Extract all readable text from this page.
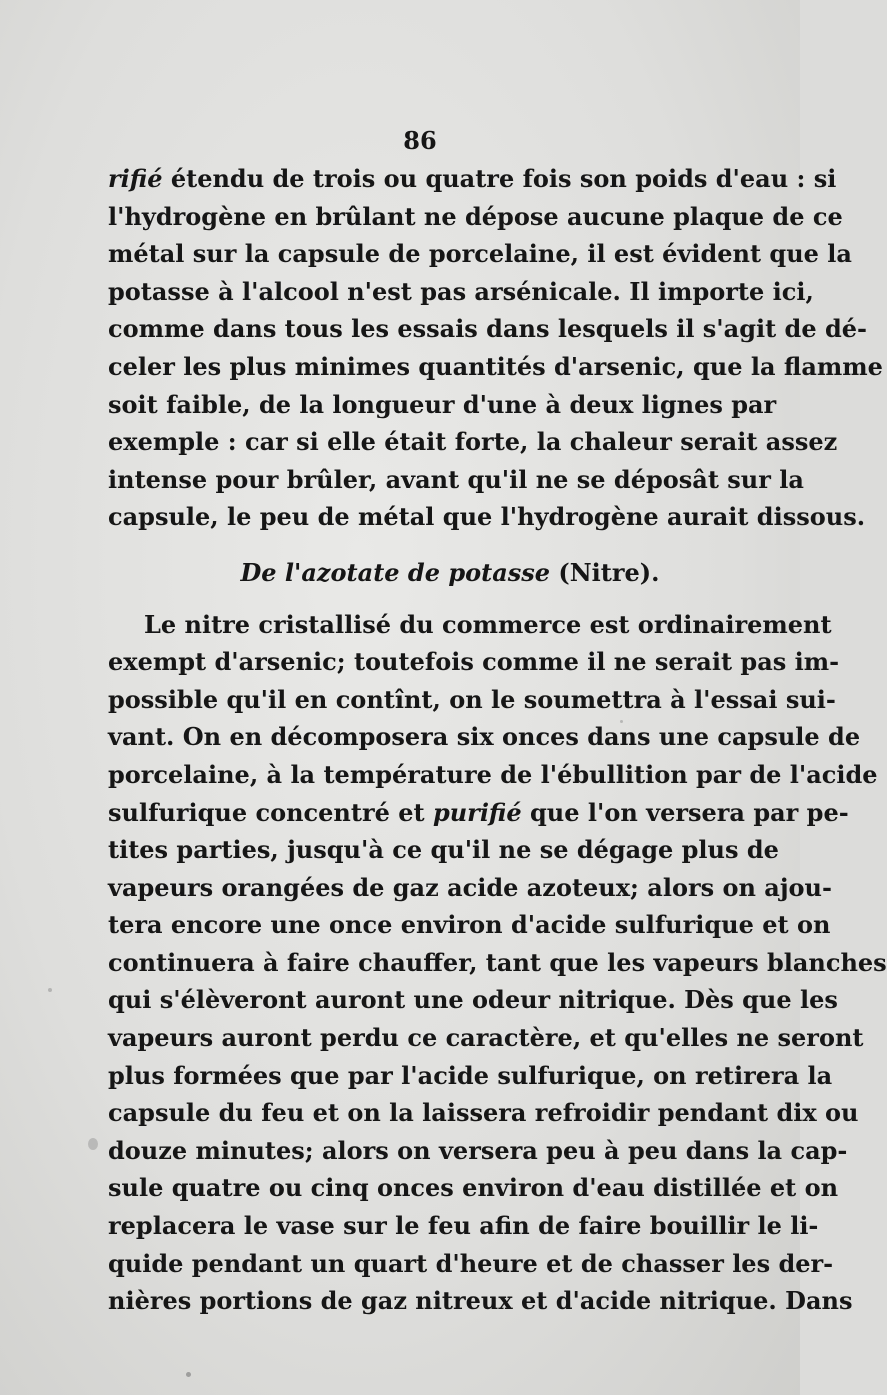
86
rifié étendu de trois ou quatre fois son poids d'eau : si
l'hydrogène en brûlant ne dépose aucune plaque de ce
métal sur la capsule de porcelaine, il est évident que la
potasse à l'alcool n'est pas arsénicale. Il importe ici,
comme dans tous les essais dans lesquels il s'agit de dé-
celer les plus minimes quantités d'arsenic, que la flamme
soit faible, de la longueur d'une à deux lignes par
exemple : car si elle était forte, la chaleur serait assez
intense pour brûler, avant qu'il ne se déposât sur la
capsule, le peu de métal que l'hydrogène aurait dissous.
De l'azotate de potasse (Nitre).
Le nitre cristallisé du commerce est ordinairement
exempt d'arsenic; toutefois comme il ne serait pas im-
possible qu'il en contînt, on le soumettra à l'essai sui-
vant. On en décomposera six onces dans une capsule de
porcelaine, à la température de l'ébullition par de l'acide
sulfurique concentré et purifié que l'on versera par pe-
tites parties, jusqu'à ce qu'il ne se dégage plus de
vapeurs orangées de gaz acide azoteux; alors on ajou-
tera encore une once environ d'acide sulfurique et on
continuera à faire chauffer, tant que les vapeurs blanches
qui s'élèveront auront une odeur nitrique. Dès que les
vapeurs auront perdu ce caractère, et qu'elles ne seront
plus formées que par l'acide sulfurique, on retirera la
capsule du feu et on la laissera refroidir pendant dix ou
douze minutes; alors on versera peu à peu dans la cap-
sule quatre ou cinq onces environ d'eau distillée et on
replacera le vase sur le feu afin de faire bouillir le li-
quide pendant un quart d'heure et de chasser les der-
nières portions de gaz nitreux et d'acide nitrique. Dans
